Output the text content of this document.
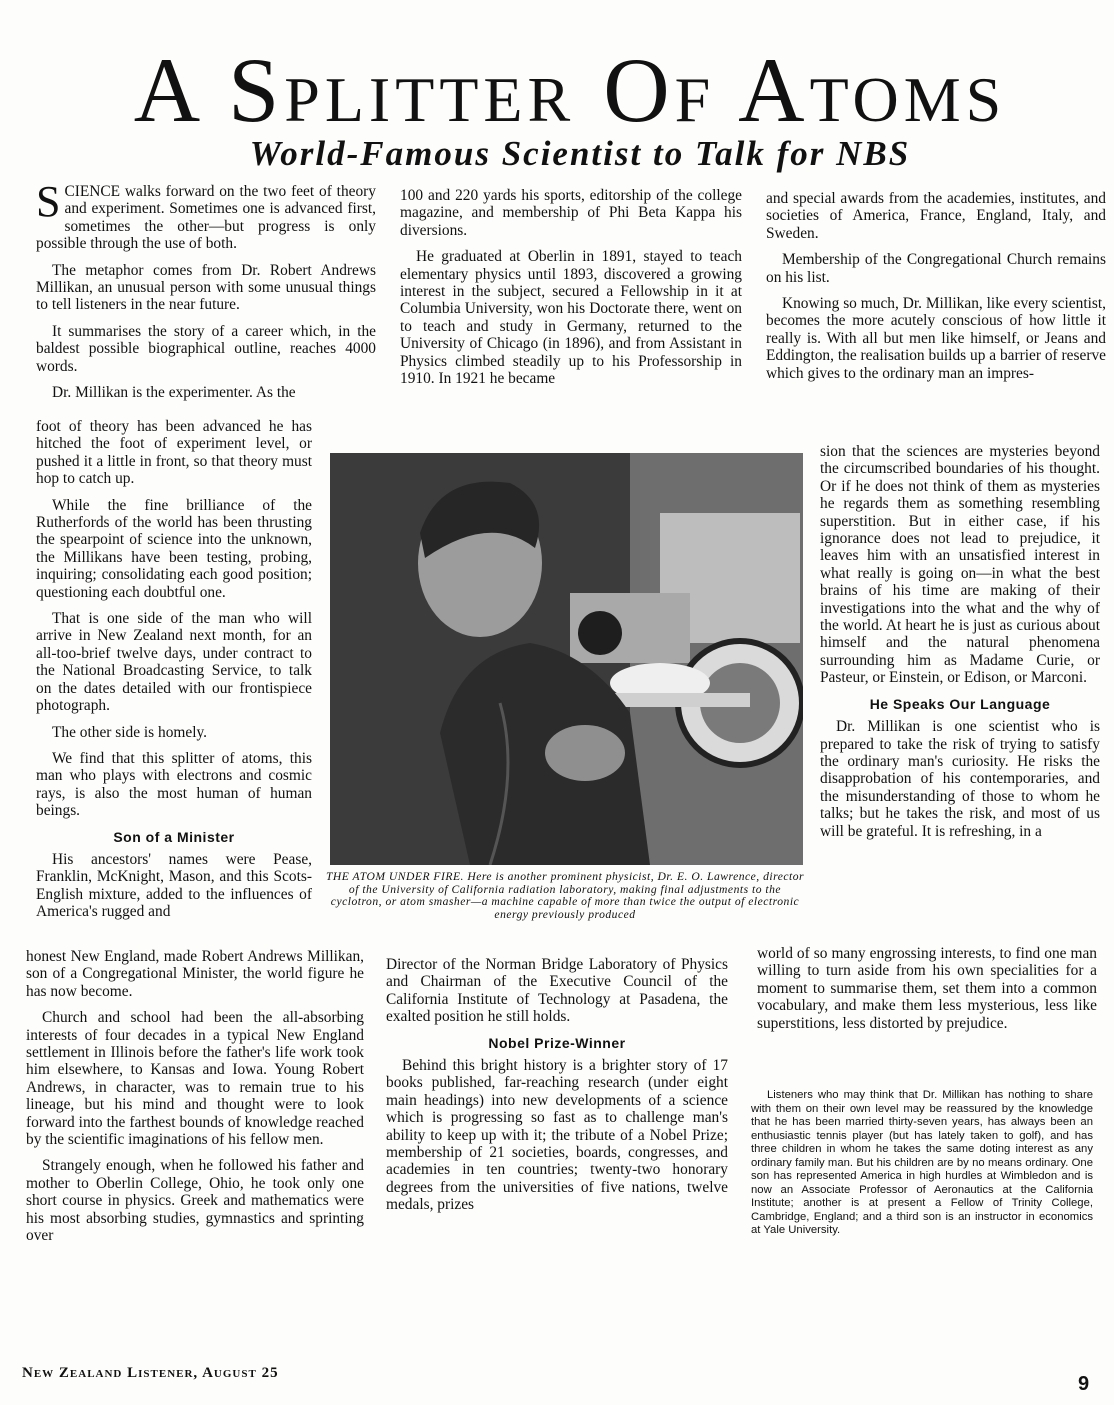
A Splitter Of Atoms
World-Famous Scientist to Talk for NBS

SCIENCE walks forward on the two feet of theory and experiment. Sometimes one is advanced first, sometimes the other—but progress is only possible through the use of both.

The metaphor comes from Dr. Robert Andrews Millikan, an unusual person with some unusual things to tell listeners in the near future.

It summarises the story of a career which, in the baldest possible biographical outline, reaches 4000 words.

Dr. Millikan is the experimenter. As the

foot of theory has been advanced he has hitched the foot of experiment level, or pushed it a little in front, so that theory must hop to catch up.

While the fine brilliance of the Rutherfords of the world has been thrusting the spearpoint of science into the unknown, the Millikans have been testing, probing, inquiring; consolidating each good position; questioning each doubtful one.

That is one side of the man who will arrive in New Zealand next month, for an all-too-brief twelve days, under contract to the National Broadcasting Service, to talk on the dates detailed with our frontispiece photograph.

The other side is homely.

We find that this splitter of atoms, this man who plays with electrons and cosmic rays, is also the most human of human beings.

Son of a Minister

His ancestors' names were Pease, Franklin, McKnight, Mason, and this Scots-English mixture, added to the influences of America's rugged and

honest New England, made Robert Andrews Millikan, son of a Congregational Minister, the world figure he has now become.

Church and school had been the all-absorbing interests of four decades in a typical New England settlement in Illinois before the father's life work took him elsewhere, to Kansas and Iowa. Young Robert Andrews, in character, was to remain true to his lineage, but his mind and thought were to look forward into the farthest bounds of knowledge reached by the scientific imaginations of his fellow men.

Strangely enough, when he followed his father and mother to Oberlin College, Ohio, he took only one short course in physics. Greek and mathematics were his most absorbing studies, gymnastics and sprinting over

100 and 220 yards his sports, editorship of the college magazine, and membership of Phi Beta Kappa his diversions.

He graduated at Oberlin in 1891, stayed to teach elementary physics until 1893, discovered a growing interest in the subject, secured a Fellowship in it at Columbia University, won his Doctorate there, went on to teach and study in Germany, returned to the University of Chicago (in 1896), and from Assistant in Physics climbed steadily up to his Professorship in 1910. In 1921 he became

Director of the Norman Bridge Laboratory of Physics and Chairman of the Executive Council of the California Institute of Technology at Pasadena, the exalted position he still holds.

Nobel Prize-Winner

Behind this bright history is a brighter story of 17 books published, far-reaching research (under eight main headings) into new developments of a science which is progressing so fast as to challenge man's ability to keep up with it; the tribute of a Nobel Prize; membership of 21 societies, boards, congresses, and academies in ten countries; twenty-two honorary degrees from the universities of five nations, twelve medals, prizes

and special awards from the academies, institutes, and societies of America, France, England, Italy, and Sweden.

Membership of the Congregational Church remains on his list.

Knowing so much, Dr. Millikan, like every scientist, becomes the more acutely conscious of how little it really is. With all but men like himself, or Jeans and Eddington, the realisation builds up a barrier of reserve which gives to the ordinary man an impres-

sion that the sciences are mysteries beyond the circumscribed boundaries of his thought. Or if he does not think of them as mysteries he regards them as something resembling superstition. But in either case, if his ignorance does not lead to prejudice, it leaves him with an unsatisfied interest in what really is going on—in what the best brains of his time are making of their investigations into the what and the why of the world. At heart he is just as curious about himself and the natural phenomena surrounding him as Madame Curie, or Pasteur, or Einstein, or Edison, or Marconi.

He Speaks Our Language

Dr. Millikan is one scientist who is prepared to take the risk of trying to satisfy the ordinary man's curiosity. He risks the disapprobation of his contemporaries, and the misunderstanding of those to whom he talks; but he takes the risk, and most of us will be grateful. It is refreshing, in a

world of so many engrossing interests, to find one man willing to turn aside from his own specialities for a moment to summarise them, set them into a common vocabulary, and make them less mysterious, less like superstitions, less distorted by prejudice.

Listeners who may think that Dr. Millikan has nothing to share with them on their own level may be reassured by the knowledge that he has been married thirty-seven years, has always been an enthusiastic tennis player (but has lately taken to golf), and has three children in whom he takes the same doting interest as any ordinary family man. But his children are by no means ordinary. One son has represented America in high hurdles at Wimbledon and is now an Associate Professor of Aeronautics at the California Institute; another is at present a Fellow of Trinity College, Cambridge, England; and a third son is an instructor in economics at Yale University.

THE ATOM UNDER FIRE. Here is another prominent physicist, Dr. E. O. Lawrence, director of the University of California radiation laboratory, making final adjustments to the cyclotron, or atom smasher—a machine capable of more than twice the output of electronic energy previously produced
New Zealand Listener, August 25	9
